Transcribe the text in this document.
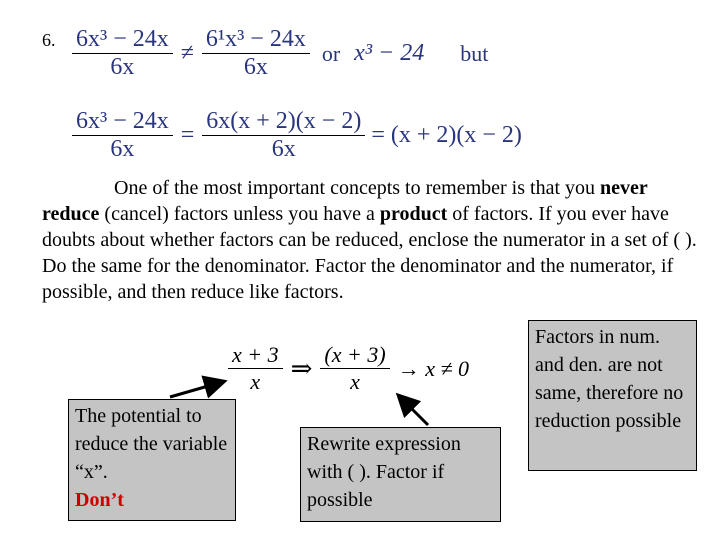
6. $\frac{\text{6x³ − 24x}}{6x} \ne \frac{\text{6¹x³ − 24x}}{6x}$ or x³ − 24 but
$\frac{\text{6x³ − 24x}}{6x} = \frac{6x(x + 2)(x - 2)}{6x} = (x + 2)(x - 2)$
One of the most important concepts to remember is that you never reduce (cancel) factors unless you have a product of factors. If you ever have doubts about whether factors can be reduced, enclose the numerator in a set of ( ). Do the same for the denominator. Factor the denominator and the numerator, if possible, and then reduce like factors.
$\frac{x + 3}{x}$ ⇒ $\frac{(x + 3)}{x} \to x \ne 0$
The potential to reduce the variable “x”.
Don’t
Rewrite expression with ( ). Factor if possible
Factors in num. and den. are not same, therefore no reduction possible
